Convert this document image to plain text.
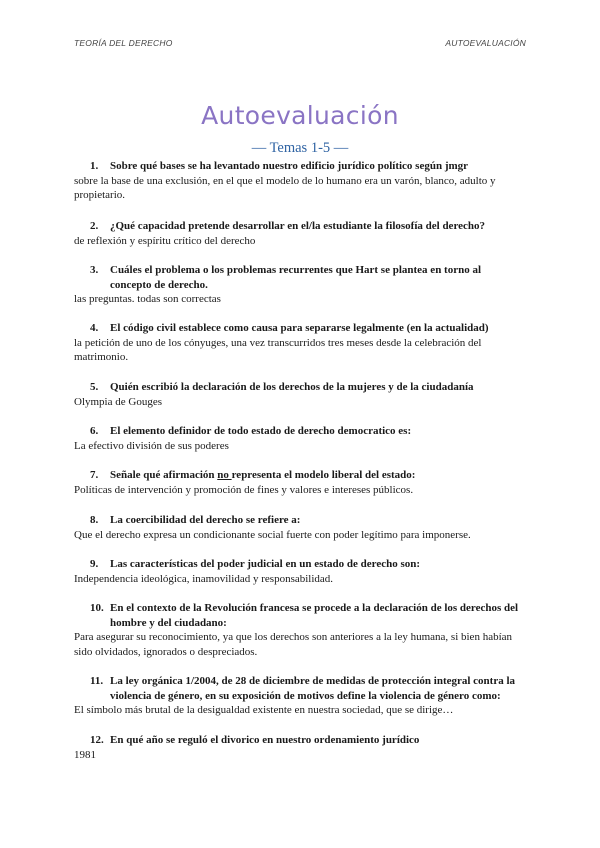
TEORÍA DEL DERECHO	AUTOEVALUACIÓN
Autoevaluación
— Temas 1-5 —

1. Sobre qué bases se ha levantado nuestro edificio jurídico político según jmgr

sobre la base de una exclusión, en el que el modelo de lo humano era un varón, blanco, adulto y propietario.

2. ¿Qué capacidad pretende desarrollar en el/la estudiante la filosofía del derecho?

de reflexión y espíritu crítico del derecho

3. Cuáles el problema o los problemas recurrentes que Hart se plantea en torno al concepto de derecho.

las preguntas. todas son correctas

4. El código civil establece como causa para separarse legalmente (en la actualidad)

la petición de uno de los cónyuges, una vez transcurridos tres meses desde la celebración del matrimonio.

5. Quién escribió la declaración de los derechos de la mujeres y de la ciudadanía

Olympia de Gouges

6. El elemento definidor de todo estado de derecho democratico es:

La efectivo división de sus poderes

7. Señale qué afirmación no representa el modelo liberal del estado:

Políticas de intervención y promoción de fines y valores e intereses públicos.

8. La coercibilidad del derecho se refiere a:

Que el derecho expresa un condicionante social fuerte con poder legítimo para imponerse.

9. Las características del poder judicial en un estado de derecho son:

Independencia ideológica, inamovilidad y responsabilidad.

10. En el contexto de la Revolución francesa se procede a la declaración de los derechos del hombre y del ciudadano:

Para asegurar su reconocimiento, ya que los derechos son anteriores a la ley humana, si bien habían sido olvidados, ignorados o despreciados.

11. La ley orgánica 1/2004, de 28 de diciembre de medidas de protección integral contra la violencia de género, en su exposición de motivos define la violencia de género como:

El símbolo más brutal de la desigualdad existente en nuestra sociedad, que se dirige…

12. En qué año se reguló el divorico en nuestro ordenamiento jurídico

1981
